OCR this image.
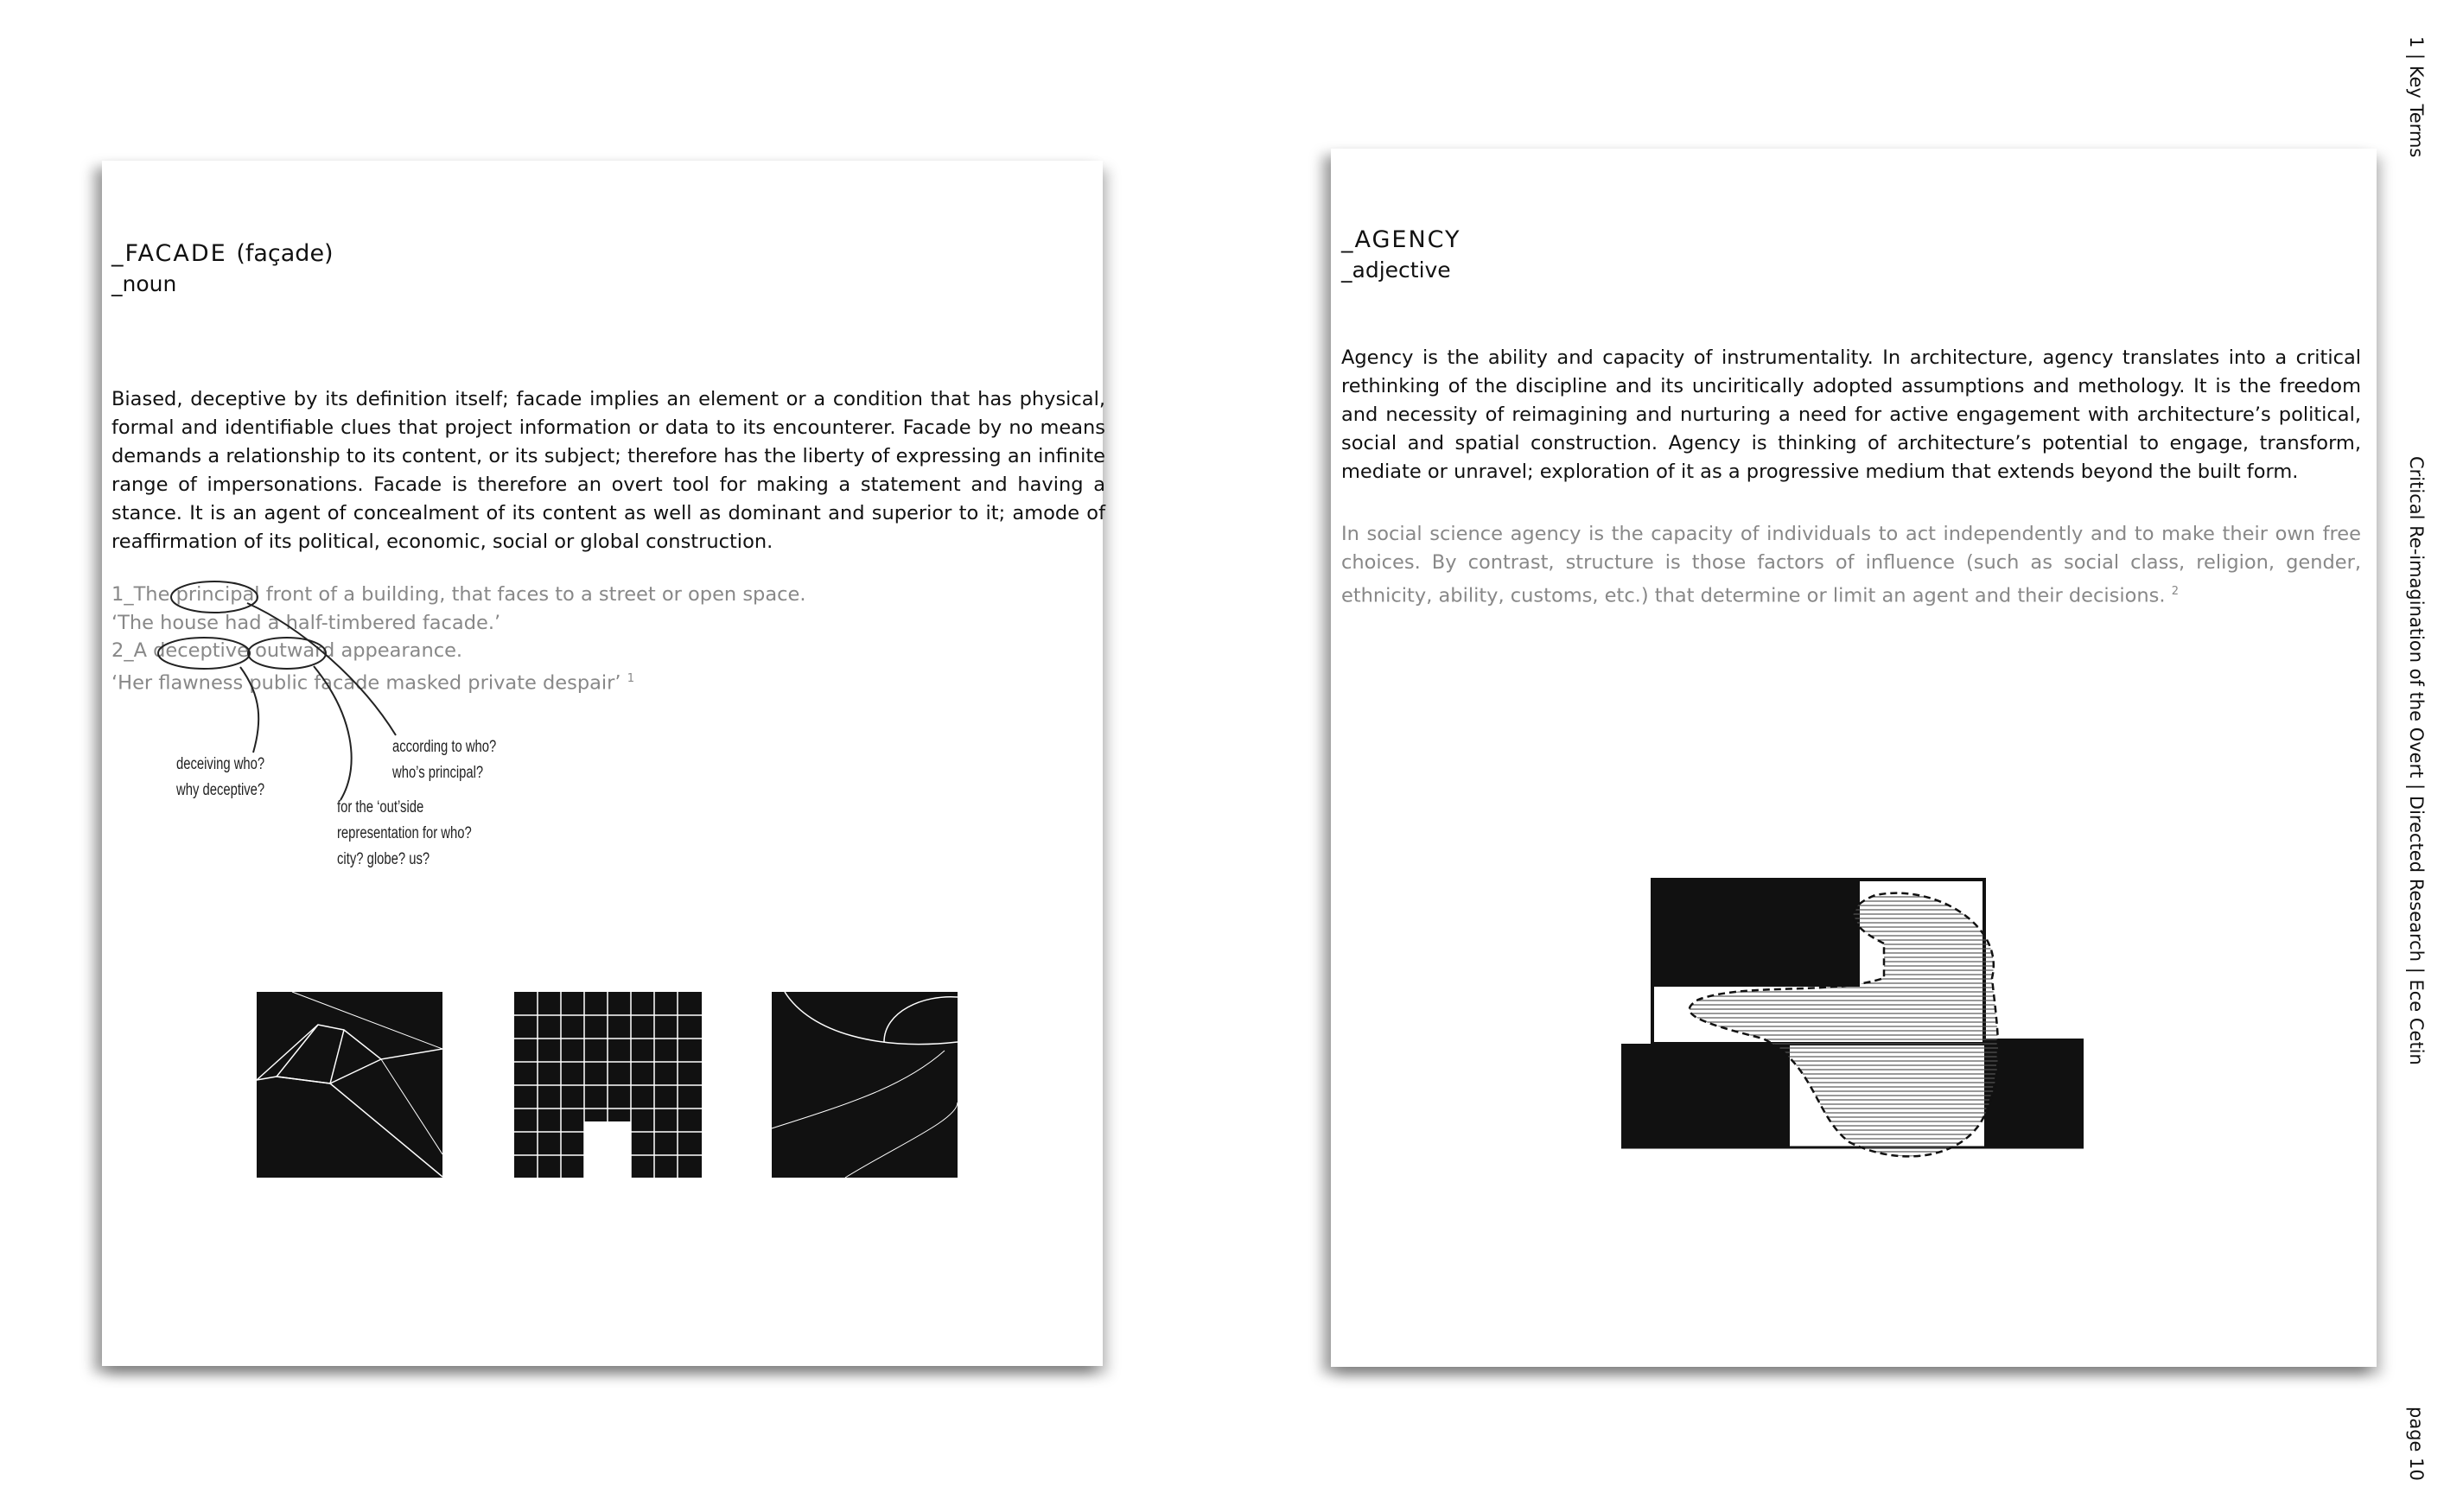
_FACADE (façade)
_noun
Biased, deceptive by its definition itself; facade implies an element or a condition that has physical, formal and identifiable clues that project information or data to its encounterer. Facade by no means demands a relationship to its content, or its subject; therefore has the liberty of expressing an infinite range of impersonations. Facade is therefore an overt tool for making a statement and having a stance. It is an agent of concealment of its content as well as dominant and superior to it; amode of reaffirmation of its political, economic, social or global construction.
1_The principal front of a building, that faces to a street or open space.
‘The house had a half-timbered facade.’
2_A deceptive outward appearance.
‘Her flawness public facade masked private despair’ $^1$
deceiving who?
why deceptive?
according to who?
who’s principal?
for the ‘out’side
representation for who?
city? globe? us?
_AGENCY
_adjective
Agency is the ability and capacity of instrumentality. In architecture, agency translates into a critical rethinking of the discipline and its unciritically adopted assumptions and methology. It is the freedom and necessity of reimagining and nurturing a need for active engagement with architecture’s political, social and spatial construction. Agency is thinking of architecture’s potential to engage, transform, mediate or unravel; exploration of it as a progressive medium that extends beyond the built form.
In social science agency is the capacity of individuals to act independently and to make their own free choices. By contrast, structure is those factors of influence (such as social class, religion, gender, ethnicity, ability, customs, etc.) that determine or limit an agent and their decisions. $^2$
1 | Key Terms
Critical Re-imagination of the Overt | Directed Research | Ece Cetin
page 10
